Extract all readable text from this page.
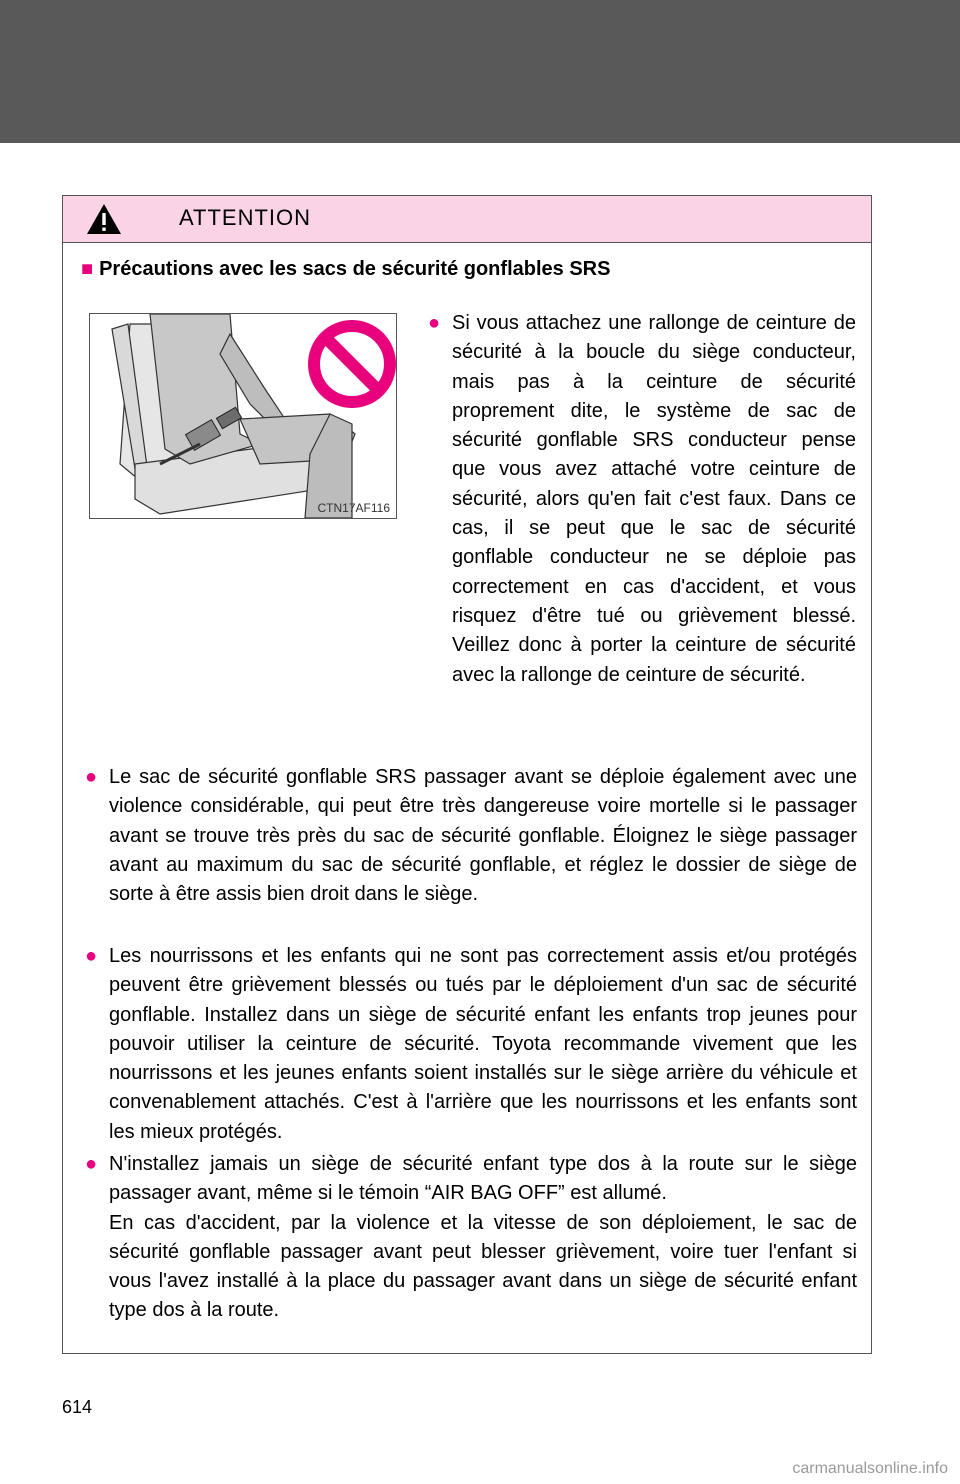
ATTENTION
■ Précautions avec les sacs de sécurité gonflables SRS
CTN17AF116
● Si vous attachez une rallonge de ceinture de sécurité à la boucle du siège conducteur, mais pas à la ceinture de sécurité proprement dite, le système de sac de sécurité gonflable SRS conducteur pense que vous avez attaché votre ceinture de sécurité, alors qu'en fait c'est faux. Dans ce cas, il se peut que le sac de sécurité gonflable conducteur ne se déploie pas correctement en cas d'accident, et vous risquez d'être tué ou grièvement blessé. Veillez donc à porter la ceinture de sécurité avec la rallonge de ceinture de sécurité.
● Le sac de sécurité gonflable SRS passager avant se déploie également avec une violence considérable, qui peut être très dangereuse voire mortelle si le passager avant se trouve très près du sac de sécurité gonflable. Éloignez le siège passager avant au maximum du sac de sécurité gonflable, et réglez le dossier de siège de sorte à être assis bien droit dans le siège.
● Les nourrissons et les enfants qui ne sont pas correctement assis et/ou protégés peuvent être grièvement blessés ou tués par le déploiement d'un sac de sécurité gonflable. Installez dans un siège de sécurité enfant les enfants trop jeunes pour pouvoir utiliser la ceinture de sécurité. Toyota recommande vivement que les nourrissons et les jeunes enfants soient installés sur le siège arrière du véhicule et convenablement attachés. C'est à l'arrière que les nourrissons et les enfants sont les mieux protégés.
● N'installez jamais un siège de sécurité enfant type dos à la route sur le siège passager avant, même si le témoin “AIR BAG OFF” est allumé.

En cas d'accident, par la violence et la vitesse de son déploiement, le sac de sécurité gonflable passager avant peut blesser grièvement, voire tuer l'enfant si vous l'avez installé à la place du passager avant dans un siège de sécurité enfant type dos à la route.

614
carmanualsonline.info
